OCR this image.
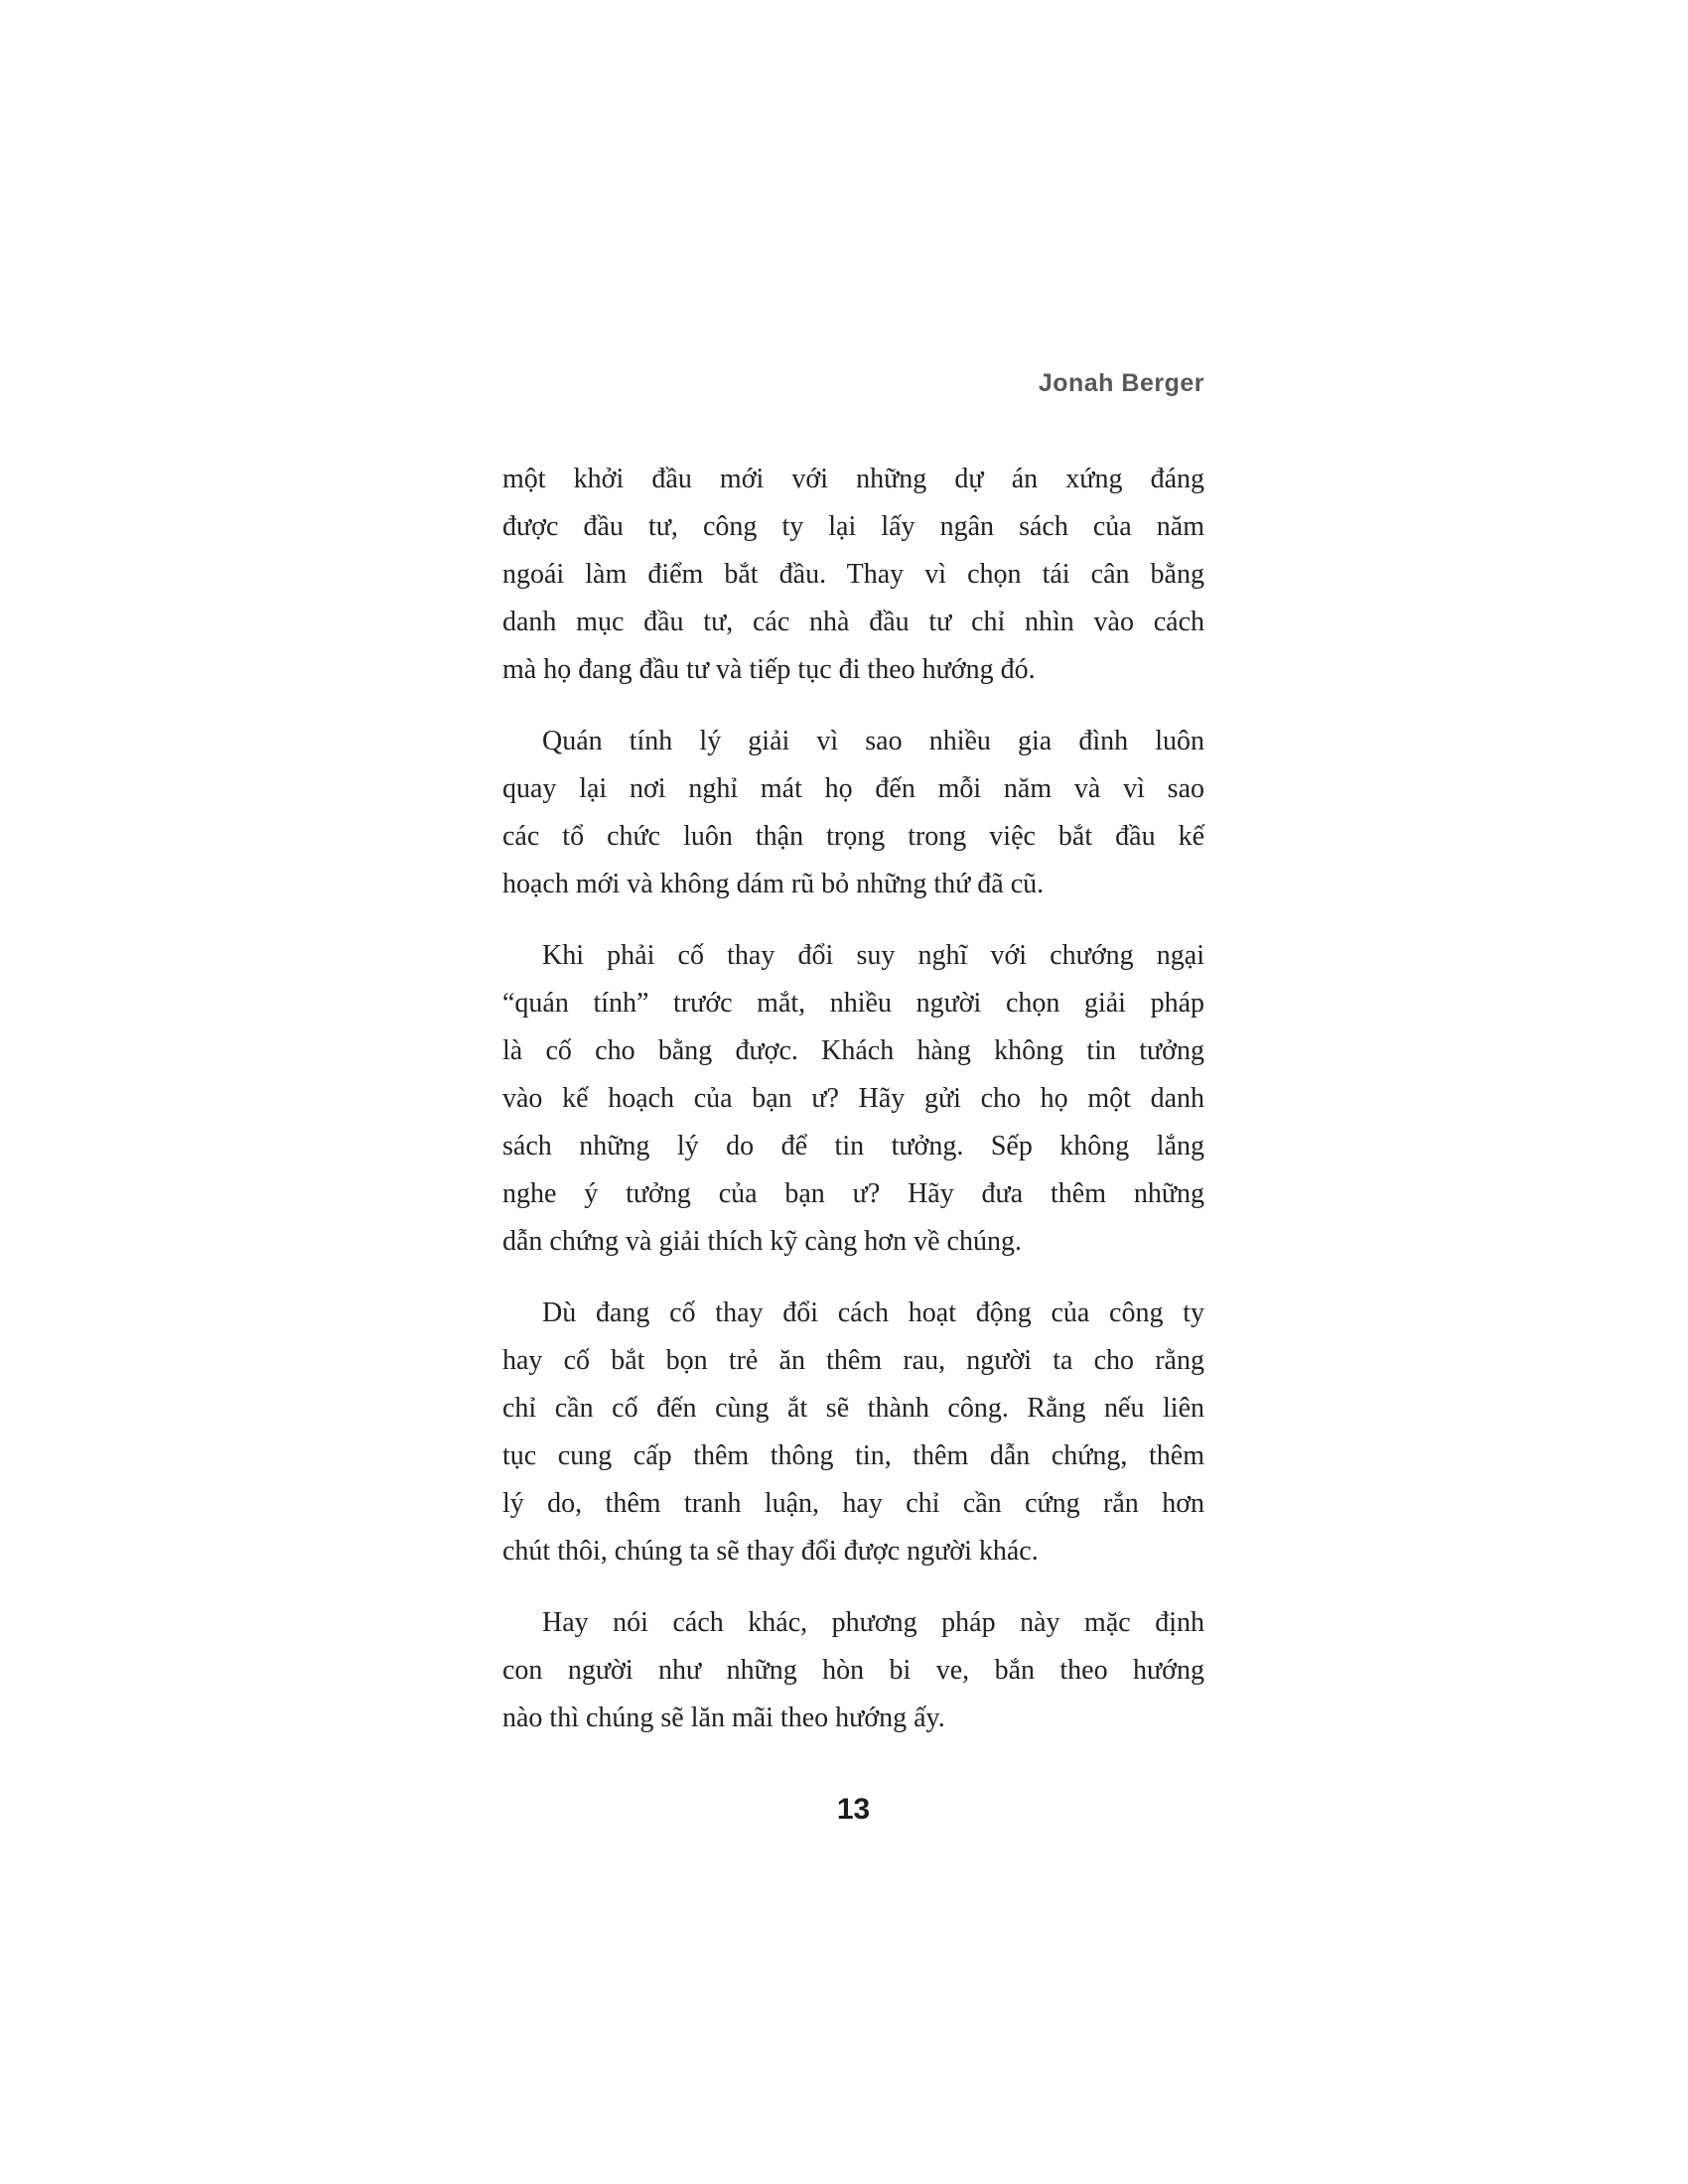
Jonah Berger
một khởi đầu mới với những dự án xứng đáng
được đầu tư, công ty lại lấy ngân sách của năm
ngoái làm điểm bắt đầu. Thay vì chọn tái cân bằng
danh mục đầu tư, các nhà đầu tư chỉ nhìn vào cách
mà họ đang đầu tư và tiếp tục đi theo hướng đó.
Quán tính lý giải vì sao nhiều gia đình luôn
quay lại nơi nghỉ mát họ đến mỗi năm và vì sao
các tổ chức luôn thận trọng trong việc bắt đầu kế
hoạch mới và không dám rũ bỏ những thứ đã cũ.
Khi phải cố thay đổi suy nghĩ với chướng ngại
“quán tính” trước mắt, nhiều người chọn giải pháp
là cố cho bằng được. Khách hàng không tin tưởng
vào kế hoạch của bạn ư? Hãy gửi cho họ một danh
sách những lý do để tin tưởng. Sếp không lắng
nghe ý tưởng của bạn ư? Hãy đưa thêm những
dẫn chứng và giải thích kỹ càng hơn về chúng.
Dù đang cố thay đổi cách hoạt động của công ty
hay cố bắt bọn trẻ ăn thêm rau, người ta cho rằng
chỉ cần cố đến cùng ắt sẽ thành công. Rằng nếu liên
tục cung cấp thêm thông tin, thêm dẫn chứng, thêm
lý do, thêm tranh luận, hay chỉ cần cứng rắn hơn
chút thôi, chúng ta sẽ thay đổi được người khác.
Hay nói cách khác, phương pháp này mặc định
con người như những hòn bi ve, bắn theo hướng
nào thì chúng sẽ lăn mãi theo hướng ấy.
13
